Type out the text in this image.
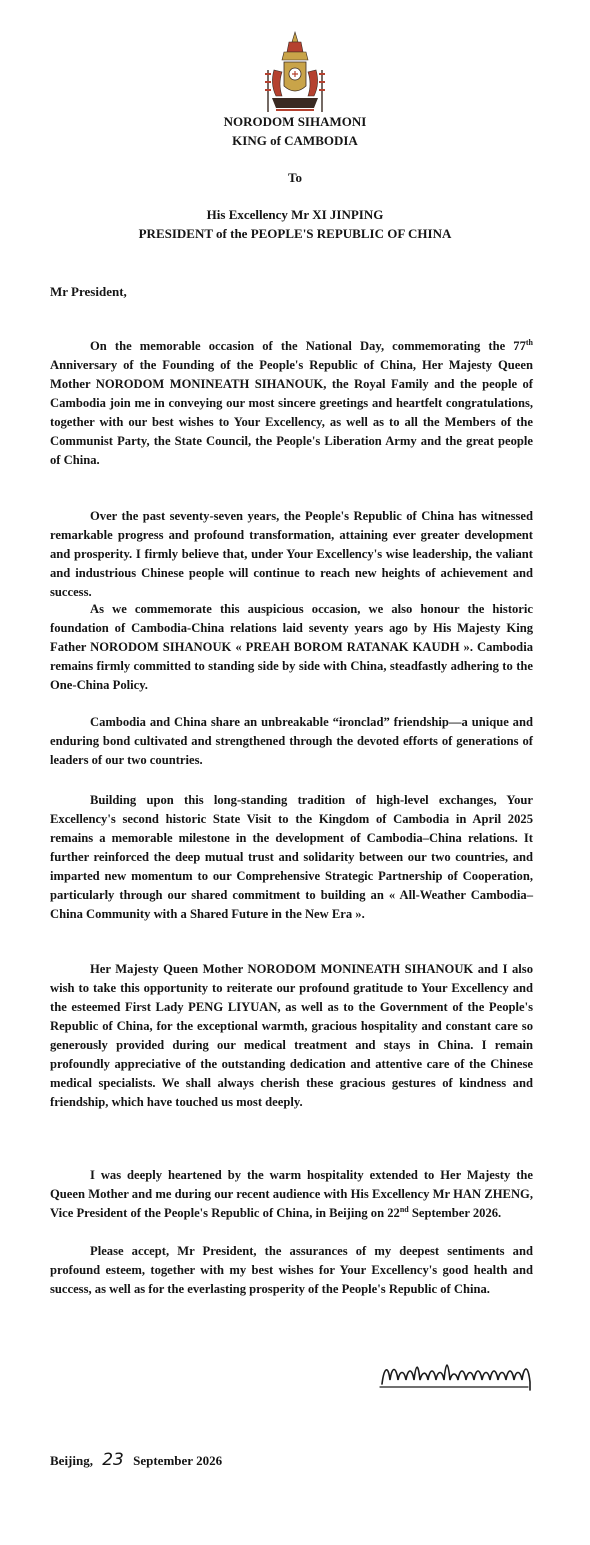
NORODOM SIHAMONI
KING of CAMBODIA
To
His Excellency Mr XI JINPING
PRESIDENT of the PEOPLE'S REPUBLIC OF CHINA
Mr President,

On the memorable occasion of the National Day, commemorating the 77th Anniversary of the Founding of the People's Republic of China, Her Majesty Queen Mother NORODOM MONINEATH SIHANOUK, the Royal Family and the people of Cambodia join me in conveying our most sincere greetings and heartfelt congratulations, together with our best wishes to Your Excellency, as well as to all the Members of the Communist Party, the State Council, the People's Liberation Army and the great people of China.

Over the past seventy-seven years, the People's Republic of China has witnessed remarkable progress and profound transformation, attaining ever greater development and prosperity. I firmly believe that, under Your Excellency's wise leadership, the valiant and industrious Chinese people will continue to reach new heights of achievement and success.

As we commemorate this auspicious occasion, we also honour the historic foundation of Cambodia-China relations laid seventy years ago by His Majesty King Father NORODOM SIHANOUK « PREAH BOROM RATANAK KAUDH ». Cambodia remains firmly committed to standing side by side with China, steadfastly adhering to the One-China Policy.

Cambodia and China share an unbreakable “ironclad” friendship—a unique and enduring bond cultivated and strengthened through the devoted efforts of generations of leaders of our two countries.

Building upon this long-standing tradition of high-level exchanges, Your Excellency's second historic State Visit to the Kingdom of Cambodia in April 2025 remains a memorable milestone in the development of Cambodia–China relations. It further reinforced the deep mutual trust and solidarity between our two countries, and imparted new momentum to our Comprehensive Strategic Partnership of Cooperation, particularly through our shared commitment to building an « All-Weather Cambodia–China Community with a Shared Future in the New Era ».

Her Majesty Queen Mother NORODOM MONINEATH SIHANOUK and I also wish to take this opportunity to reiterate our profound gratitude to Your Excellency and the esteemed First Lady PENG LIYUAN, as well as to the Government of the People's Republic of China, for the exceptional warmth, gracious hospitality and constant care so generously provided during our medical treatment and stays in China. I remain profoundly appreciative of the outstanding dedication and attentive care of the Chinese medical specialists. We shall always cherish these gracious gestures of kindness and friendship, which have touched us most deeply.

I was deeply heartened by the warm hospitality extended to Her Majesty the Queen Mother and me during our recent audience with His Excellency Mr HAN ZHENG, Vice President of the People's Republic of China, in Beijing on 22nd September 2026.

Please accept, Mr President, the assurances of my deepest sentiments and profound esteem, together with my best wishes for Your Excellency's good health and success, as well as for the everlasting prosperity of the People's Republic of China.

Beijing, 23 September 2026
